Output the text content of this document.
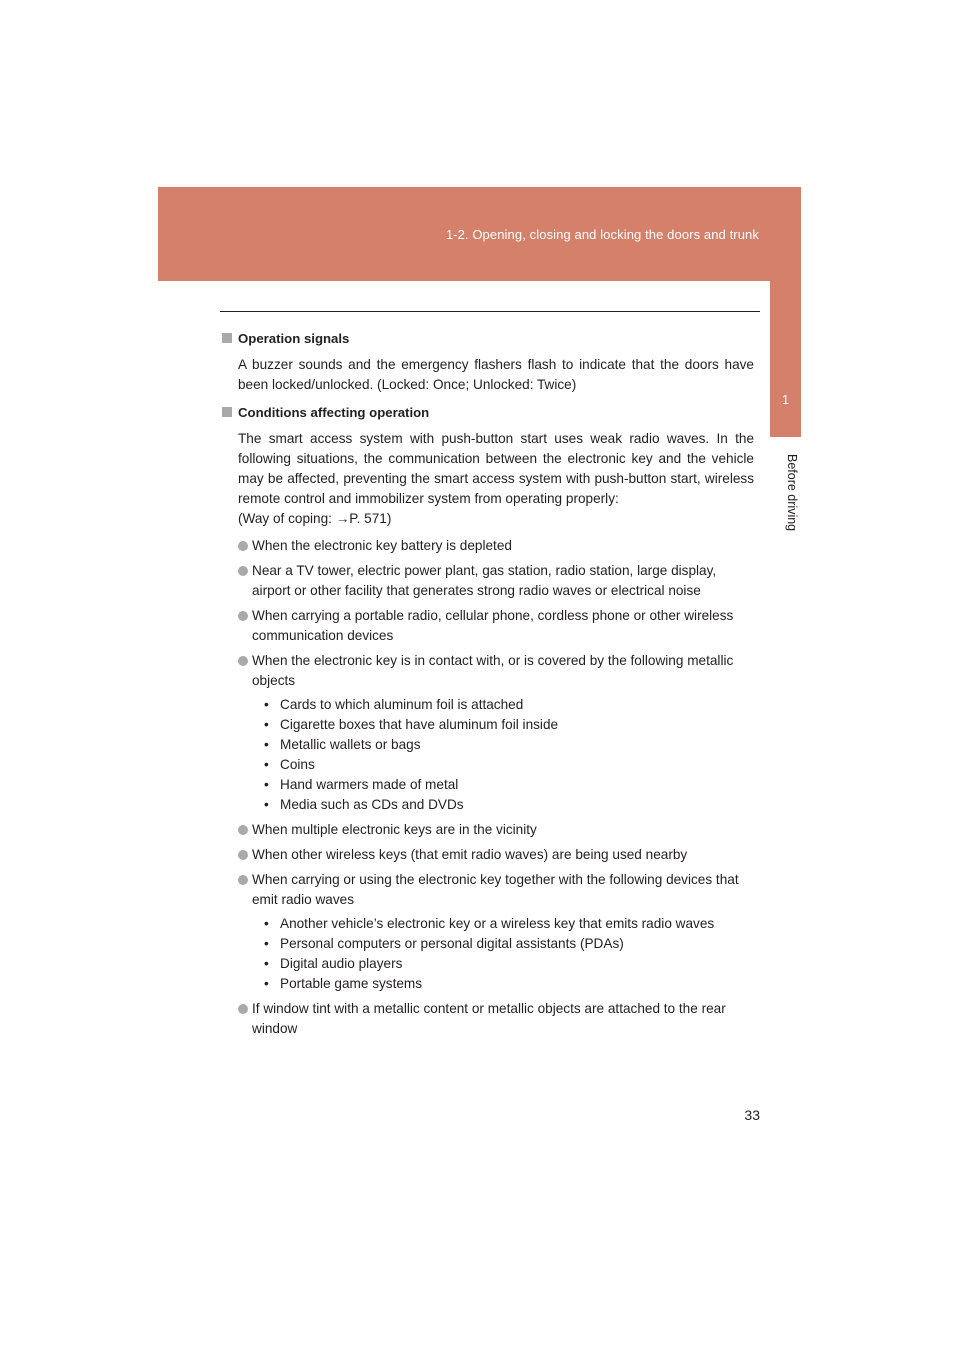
1-2. Opening, closing and locking the doors and trunk
1
Before driving

Operation signals

A buzzer sounds and the emergency flashers flash to indicate that the doors have been locked/unlocked. (Locked: Once; Unlocked: Twice)

Conditions affecting operation

The smart access system with push-button start uses weak radio waves. In the following situations, the communication between the electronic key and the vehicle may be affected, preventing the smart access system with push-button start, wireless remote control and immobilizer system from operating properly:
(Way of coping: →P. 571)

When the electronic key battery is depleted
Near a TV tower, electric power plant, gas station, radio station, large display, airport or other facility that generates strong radio waves or electrical noise
When carrying a portable radio, cellular phone, cordless phone or other wireless communication devices
When the electronic key is in contact with, or is covered by the following metallic objects
• Cards to which aluminum foil is attached
• Cigarette boxes that have aluminum foil inside
• Metallic wallets or bags
• Coins
• Hand warmers made of metal
• Media such as CDs and DVDs
When multiple electronic keys are in the vicinity
When other wireless keys (that emit radio waves) are being used nearby
When carrying or using the electronic key together with the following devices that emit radio waves
• Another vehicle’s electronic key or a wireless key that emits radio waves
• Personal computers or personal digital assistants (PDAs)
• Digital audio players
• Portable game systems
If window tint with a metallic content or metallic objects are attached to the rear window
33
